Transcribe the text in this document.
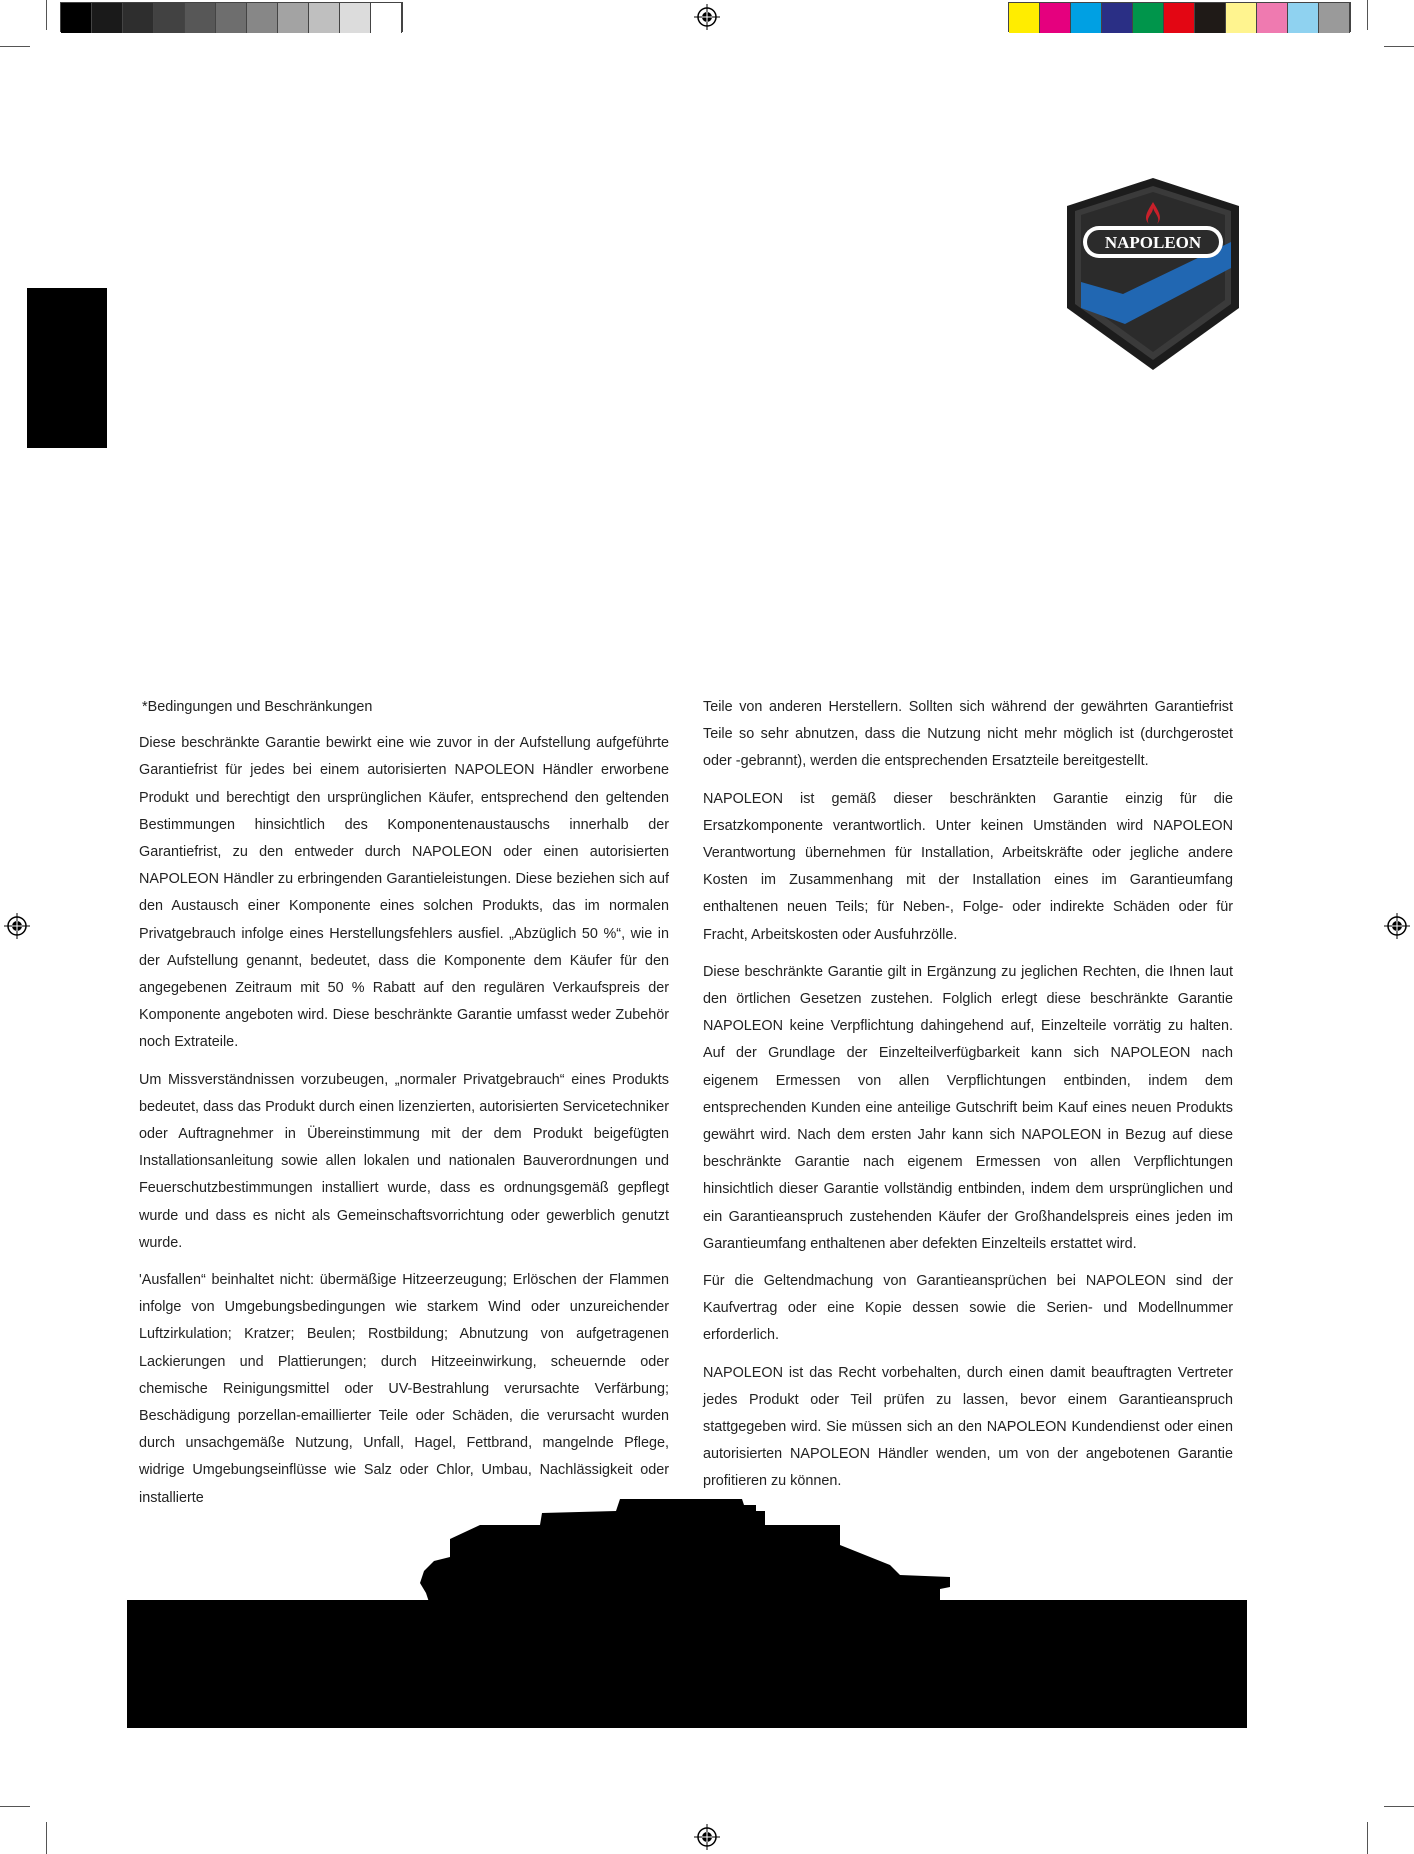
NAPOLEON
*Bedingungen und Beschränkungen

Diese beschränkte Garantie bewirkt eine wie zuvor in der Aufstellung aufgeführte Garantiefrist für jedes bei einem autorisierten NAPOLEON Händler erworbene Produkt und berechtigt den ursprünglichen Käufer, entsprechend den geltenden Bestimmungen hinsichtlich des Komponentenaustauschs innerhalb der Garantiefrist, zu den entweder durch NAPOLEON oder einen autorisierten NAPOLEON Händler zu erbringenden Garantieleistungen. Diese beziehen sich auf den Austausch einer Komponente eines solchen Produkts, das im normalen Privatgebrauch infolge eines Herstellungsfehlers ausfiel. „Abzüglich 50 %“, wie in der Aufstellung genannt, bedeutet, dass die Komponente dem Käufer für den angegebenen Zeitraum mit 50 % Rabatt auf den regulären Verkaufspreis der Komponente angeboten wird. Diese beschränkte Garantie umfasst weder Zubehör noch Extrateile.

Um Missverständnissen vorzubeugen, „normaler Privatgebrauch“ eines Produkts bedeutet, dass das Produkt durch einen lizenzierten, autorisierten Servicetechniker oder Auftragnehmer in Übereinstimmung mit der dem Produkt beigefügten Installationsanleitung sowie allen lokalen und nationalen Bauverordnungen und Feuerschutzbestimmungen installiert wurde, dass es ordnungsgemäß gepflegt wurde und dass es nicht als Gemeinschaftsvorrichtung oder gewerblich genutzt wurde.

'Ausfallen“ beinhaltet nicht: übermäßige Hitzeerzeugung; Erlöschen der Flammen infolge von Umgebungsbedingungen wie starkem Wind oder unzureichender Luftzirkulation; Kratzer; Beulen; Rostbildung; Abnutzung von aufgetragenen Lackierungen und Plattierungen; durch Hitzeeinwirkung, scheuernde oder chemische Reinigungsmittel oder UV-Bestrahlung verursachte Verfärbung; Beschädigung porzellan-emaillierter Teile oder Schäden, die verursacht wurden durch unsachgemäße Nutzung, Unfall, Hagel, Fettbrand, mangelnde Pflege, widrige Umgebungseinflüsse wie Salz oder Chlor, Umbau, Nachlässigkeit oder installierte

Teile von anderen Herstellern. Sollten sich während der gewährten Garantiefrist Teile so sehr abnutzen, dass die Nutzung nicht mehr möglich ist (durchgerostet oder -gebrannt), werden die entsprechenden Ersatzteile bereitgestellt.

NAPOLEON ist gemäß dieser beschränkten Garantie einzig für die Ersatzkomponente verantwortlich. Unter keinen Umständen wird NAPOLEON Verantwortung übernehmen für Installation, Arbeitskräfte oder jegliche andere Kosten im Zusammenhang mit der Installation eines im Garantieumfang enthaltenen neuen Teils; für Neben-, Folge- oder indirekte Schäden oder für Fracht, Arbeitskosten oder Ausfuhrzölle.

Diese beschränkte Garantie gilt in Ergänzung zu jeglichen Rechten, die Ihnen laut den örtlichen Gesetzen zustehen. Folglich erlegt diese beschränkte Garantie NAPOLEON keine Verpflichtung dahingehend auf, Einzelteile vorrätig zu halten. Auf der Grundlage der Einzelteilverfügbarkeit kann sich NAPOLEON nach eigenem Ermessen von allen Verpflichtungen entbinden, indem dem entsprechenden Kunden eine anteilige Gutschrift beim Kauf eines neuen Produkts gewährt wird. Nach dem ersten Jahr kann sich NAPOLEON in Bezug auf diese beschränkte Garantie nach eigenem Ermessen von allen Verpflichtungen hinsichtlich dieser Garantie vollständig entbinden, indem dem ursprünglichen und ein Garantieanspruch zustehenden Käufer der Großhandelspreis eines jeden im Garantieumfang enthaltenen aber defekten Einzelteils erstattet wird.

Für die Geltendmachung von Garantieansprüchen bei NAPOLEON sind der Kaufvertrag oder eine Kopie dessen sowie die Serien- und Modellnummer erforderlich.

NAPOLEON ist das Recht vorbehalten, durch einen damit beauftragten Vertreter jedes Produkt oder Teil prüfen zu lassen, bevor einem Garantieanspruch stattgegeben wird. Sie müssen sich an den NAPOLEON Kundendienst oder einen autorisierten NAPOLEON Händler wenden, um von der angebotenen Garantie profitieren zu können.
